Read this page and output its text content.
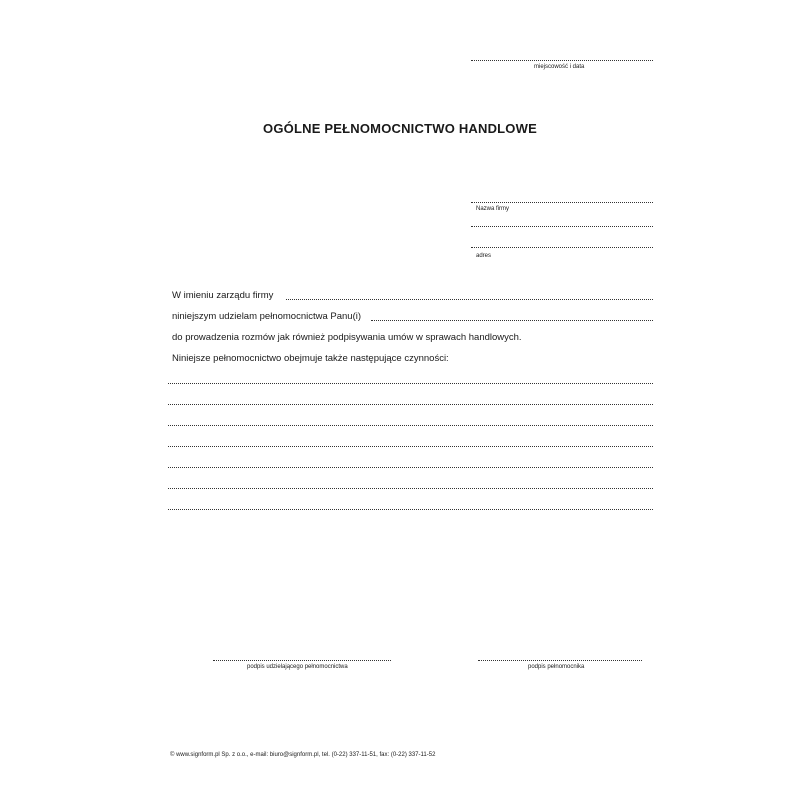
miejscowość i data
OGÓLNE PEŁNOMOCNICTWO HANDLOWE
Nazwa firmy
adres
W imieniu zarządu firmy
niniejszym udzielam pełnomocnictwa Panu(i)
do prowadzenia rozmów jak również podpisywania umów w sprawach handlowych.
Niniejsze pełnomocnictwo obejmuje także następujące czynności:
podpis udzielającego pełnomocnictwa	podpis pełnomocnika
© www.signform.pl Sp. z o.o., e-mail: biuro@signform.pl, tel. (0-22) 337-11-51, fax: (0-22) 337-11-52
